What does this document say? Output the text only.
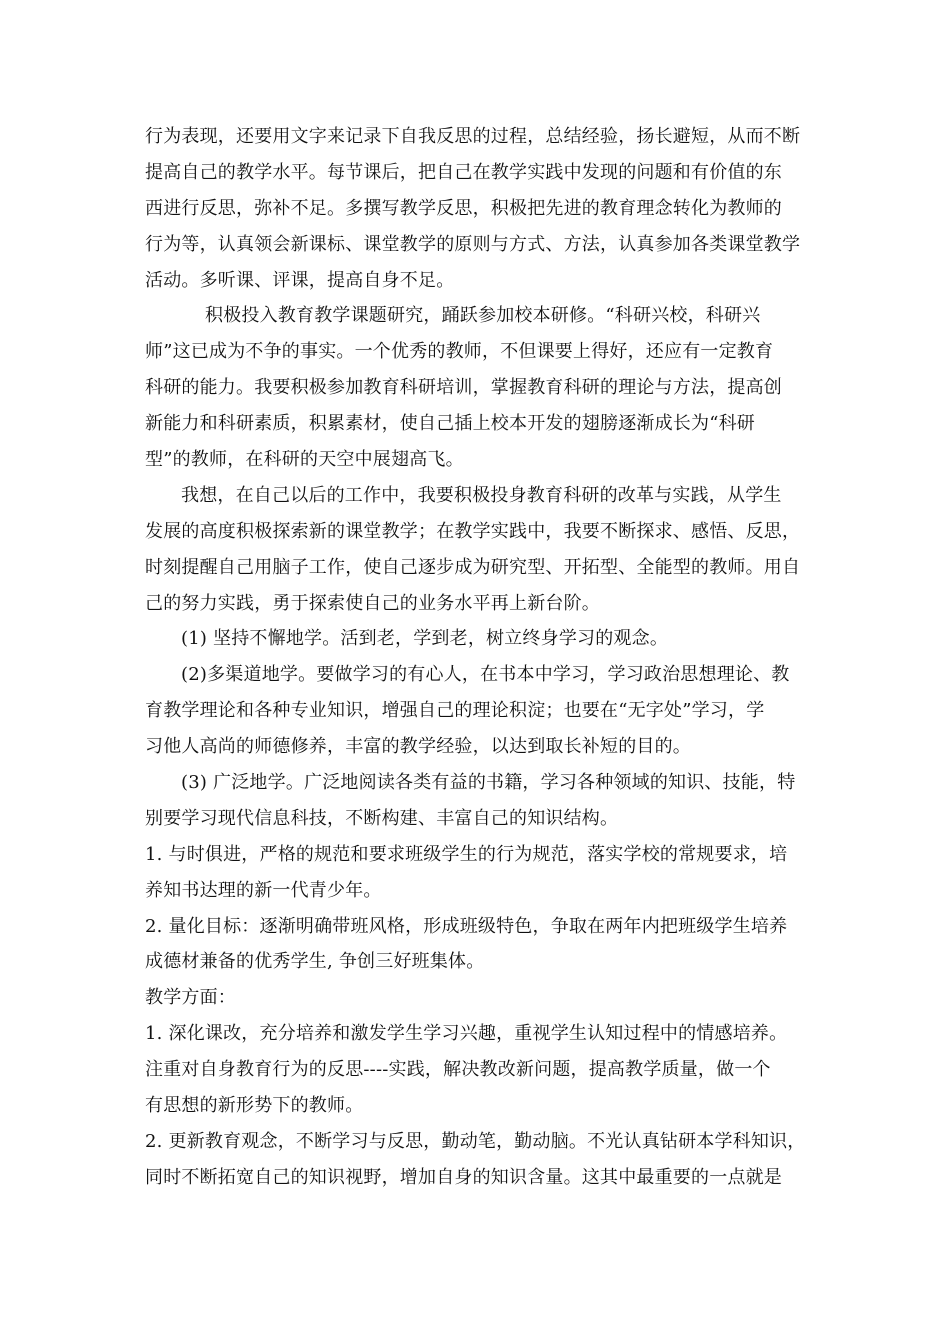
行为表现，还要用文字来记录下自我反思的过程，总结经验，扬长避短，从而不断
提高自己的教学水平。每节课后，把自己在教学实践中发现的问题和有价值的东
西进行反思，弥补不足。多撰写教学反思，积极把先进的教育理念转化为教师的
行为等，认真领会新课标、课堂教学的原则与方式、方法，认真参加各类课堂教学
活动。多听课、评课，提高自身不足。
积极投入教育教学课题研究，踊跃参加校本研修。“科研兴校，科研兴
师”这已成为不争的事实。一个优秀的教师，不但课要上得好，还应有一定教育
科研的能力。我要积极参加教育科研培训，掌握教育科研的理论与方法，提高创
新能力和科研素质，积累素材，使自己插上校本开发的翅膀逐渐成长为“科研
型”的教师，在科研的天空中展翅高飞。
我想，在自己以后的工作中，我要积极投身教育科研的改革与实践，从学生
发展的高度积极探索新的课堂教学；在教学实践中，我要不断探求、感悟、反思，
时刻提醒自己用脑子工作，使自己逐步成为研究型、开拓型、全能型的教师。用自
己的努力实践，勇于探索使自己的业务水平再上新台阶。
(1) 坚持不懈地学。活到老，学到老，树立终身学习的观念。
(2)多渠道地学。要做学习的有心人，在书本中学习，学习政治思想理论、教
育教学理论和各种专业知识，增强自己的理论积淀；也要在“无字处”学习，学
习他人高尚的师德修养，丰富的教学经验，以达到取长补短的目的。
(3) 广泛地学。广泛地阅读各类有益的书籍，学习各种领域的知识、技能，特
别要学习现代信息科技，不断构建、丰富自己的知识结构。
1. 与时俱进，严格的规范和要求班级学生的行为规范，落实学校的常规要求，培
养知书达理的新一代青少年。
2. 量化目标：逐渐明确带班风格，形成班级特色，争取在两年内把班级学生培养
成德材兼备的优秀学生, 争创三好班集体。
教学方面：
1. 深化课改，充分培养和激发学生学习兴趣，重视学生认知过程中的情感培养。
注重对自身教育行为的反思----实践，解决教改新问题，提高教学质量，做一个
有思想的新形势下的教师。
2. 更新教育观念，不断学习与反思，勤动笔，勤动脑。不光认真钻研本学科知识，
同时不断拓宽自己的知识视野，增加自身的知识含量。这其中最重要的一点就是
